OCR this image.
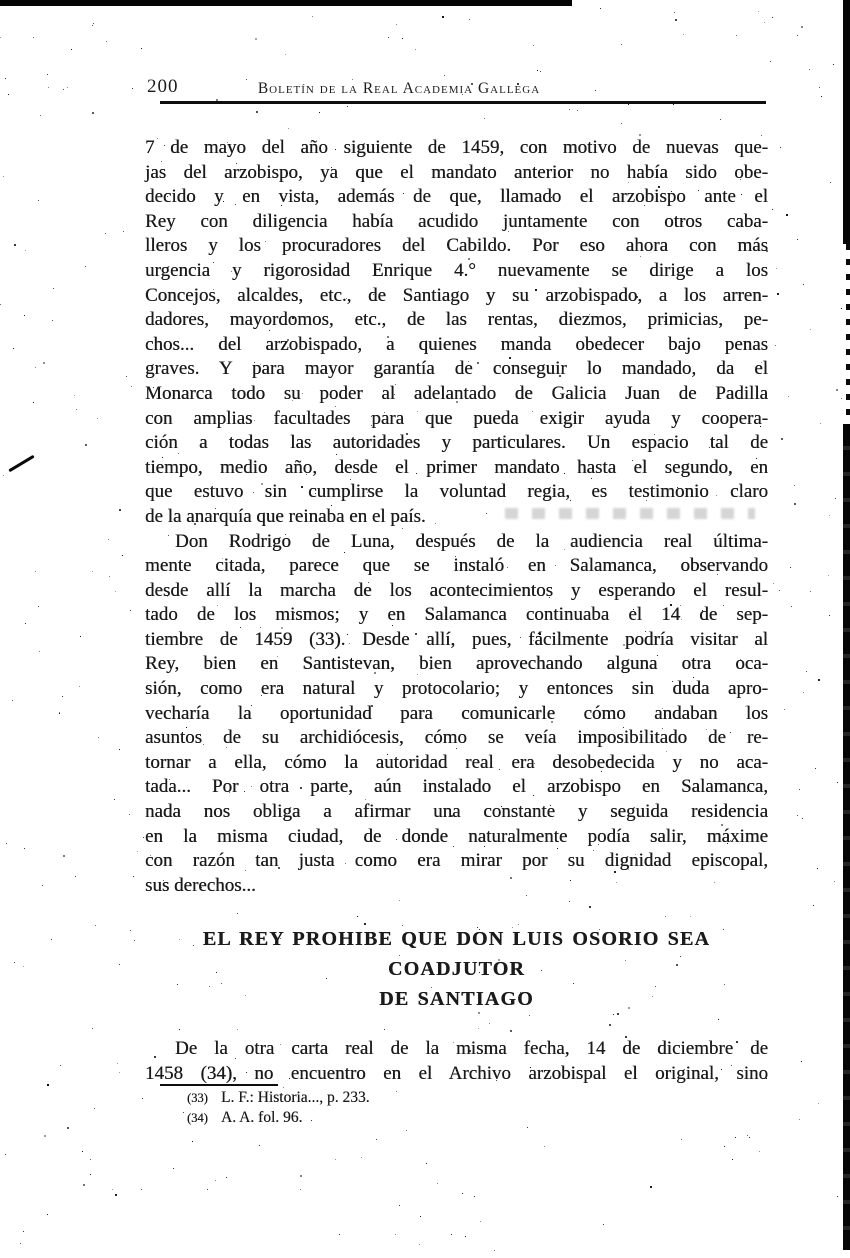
200	Boletín de la Real Academia Gallega
7 de mayo del año siguiente de 1459, con motivo de nuevas que-
jas del arzobispo, ya que el mandato anterior no había sido obe-
decido y en vista, además de que, llamado el arzobispo ante el
Rey con diligencia había acudido juntamente con otros caba-
lleros y los procuradores del Cabildo. Por eso ahora con más
urgencia y rigorosidad Enrique 4.° nuevamente se dirige a los
Concejos, alcaldes, etc., de Santiago y su arzobispado, a los arren-
dadores, mayordomos, etc., de las rentas, diezmos, primicias, pe-
chos... del arzobispado, a quienes manda obedecer bajo penas
graves. Y para mayor garantía de conseguir lo mandado, da el
Monarca todo su poder al adelantado de Galicia Juan de Padilla
con amplias facultades para que pueda exigir ayuda y coopera-
ción a todas las autoridades y particulares. Un espacio tal de
tiempo, medio año, desde el primer mandato hasta el segundo, en
que estuvo sin cumplirse la voluntad regia, es testimonio claro
de la anarquía que reinaba en el país.
Don Rodrigo de Luna, después de la audiencia real última-
mente citada, parece que se instaló en Salamanca, observando
desde allí la marcha de los acontecimientos y esperando el resul-
tado de los mismos; y en Salamanca continuaba el 14 de sep-
tiembre de 1459 (33). Desde allí, pues, fácilmente podría visitar al
Rey, bien en Santistevan, bien aprovechando alguna otra oca-
sión, como era natural y protocolario; y entonces sin duda apro-
vecharía la oportunidad para comunicarle cómo andaban los
asuntos de su archidiócesis, cómo se veía imposibilitado de re-
tornar a ella, cómo la autoridad real era desobedecida y no aca-
tada... Por otra parte, aún instalado el arzobispo en Salamanca,
nada nos obliga a afirmar una constante y seguida residencia
en la misma ciudad, de donde naturalmente podía salir, máxime
con razón tan justa como era mirar por su dignidad episcopal,
sus derechos...
EL REY PROHIBE QUE DON LUIS OSORIO SEA COADJUTOR
DE SANTIAGO
De la otra carta real de la misma fecha, 14 de diciembre de
1458 (34), no encuentro en el Archivo arzobispal el original, sino
(33) L. F.: Historia..., p. 233.
(34) A. A. fol. 96.
